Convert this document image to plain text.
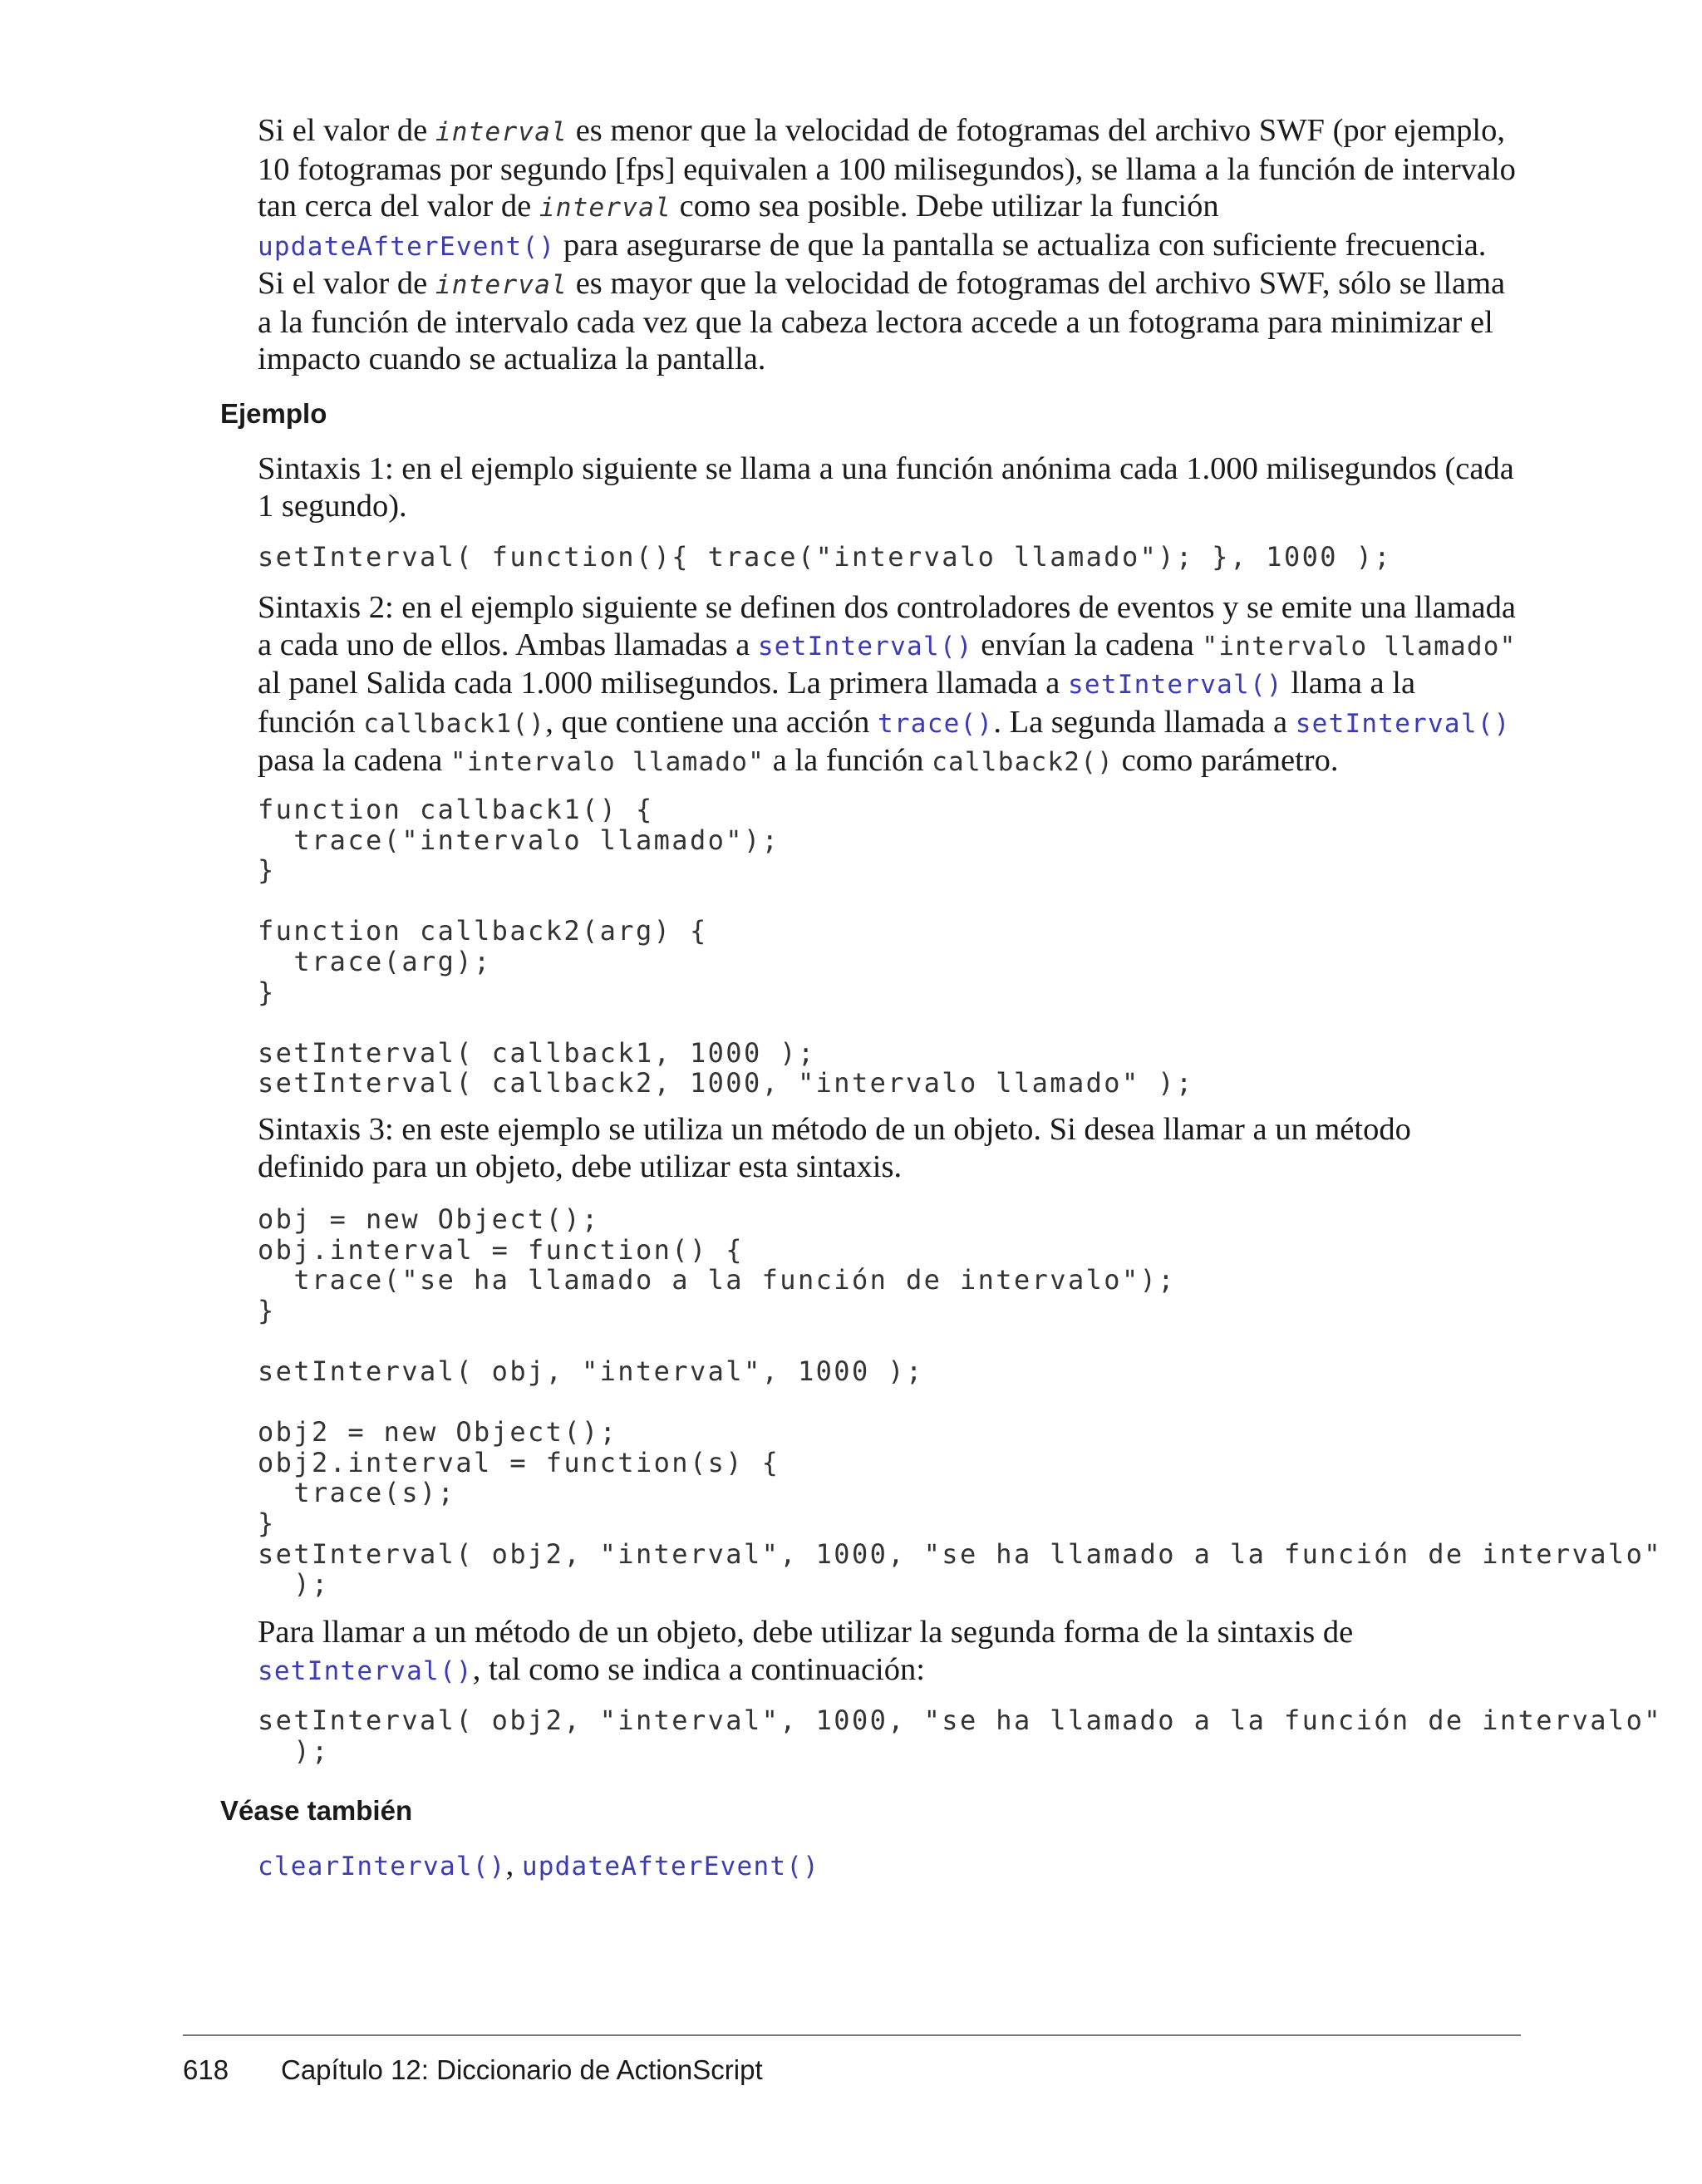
Si el valor de interval es menor que la velocidad de fotogramas del archivo SWF (por ejemplo, 10 fotogramas por segundo [fps] equivalen a 100 milisegundos), se llama a la función de intervalo tan cerca del valor de interval como sea posible. Debe utilizar la función updateAfterEvent() para asegurarse de que la pantalla se actualiza con suficiente frecuencia. Si el valor de interval es mayor que la velocidad de fotogramas del archivo SWF, sólo se llama a la función de intervalo cada vez que la cabeza lectora accede a un fotograma para minimizar el impacto cuando se actualiza la pantalla.

Ejemplo

Sintaxis 1: en el ejemplo siguiente se llama a una función anónima cada 1.000 milisegundos (cada 1 segundo).

setInterval( function(){ trace("intervalo llamado"); }, 1000 );

Sintaxis 2: en el ejemplo siguiente se definen dos controladores de eventos y se emite una llamada a cada uno de ellos. Ambas llamadas a setInterval() envían la cadena "intervalo llamado" al panel Salida cada 1.000 milisegundos. La primera llamada a setInterval() llama a la función callback1(), que contiene una acción trace(). La segunda llamada a setInterval() pasa la cadena "intervalo llamado" a la función callback2() como parámetro.

function callback1() {
trace("intervalo llamado");
}

function callback2(arg) {
trace(arg);
}

setInterval( callback1, 1000 );
setInterval( callback2, 1000, "intervalo llamado" );

Sintaxis 3: en este ejemplo se utiliza un método de un objeto. Si desea llamar a un método definido para un objeto, debe utilizar esta sintaxis.

obj = new Object();
obj.interval = function() {
trace("se ha llamado a la función de intervalo");
}

setInterval( obj, "interval", 1000 );

obj2 = new Object();
obj2.interval = function(s) {
trace(s);
}
setInterval( obj2, "interval", 1000, "se ha llamado a la función de intervalo"
);

Para llamar a un método de un objeto, debe utilizar la segunda forma de la sintaxis de setInterval(), tal como se indica a continuación:

setInterval( obj2, "interval", 1000, "se ha llamado a la función de intervalo"
);
Véase también

clearInterval(), updateAfterEvent()

618 Capítulo 12: Diccionario de ActionScript
